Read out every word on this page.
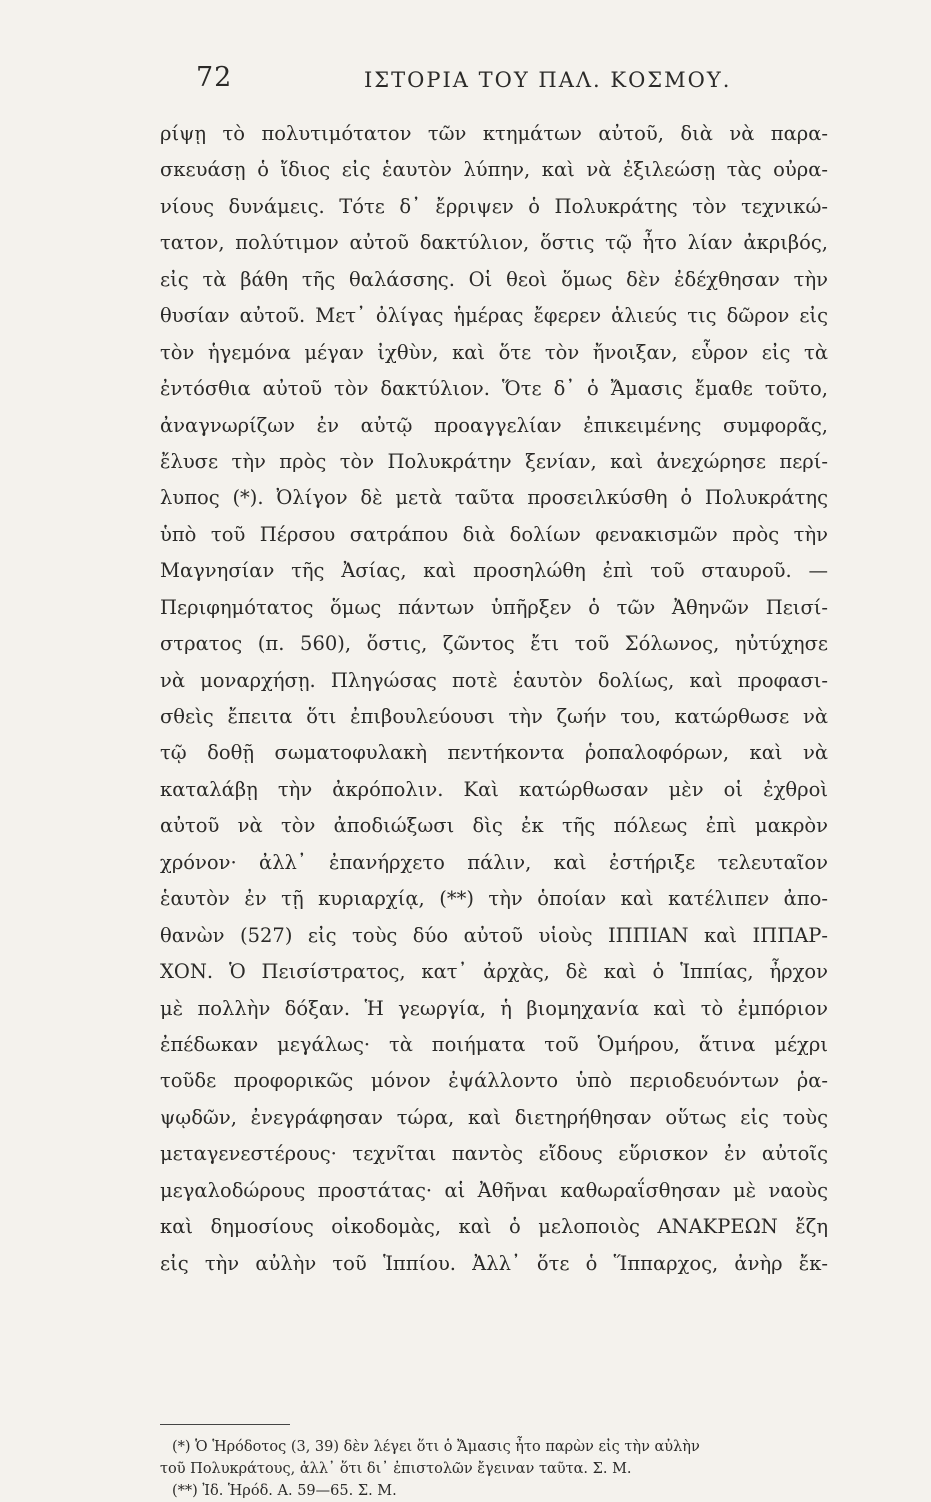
72	ΙΣΤΟΡΙΑ ΤΟΥ ΠΑΛ. ΚΟΣΜΟΥ.
ρίψῃ τὸ πολυτιμότατον τῶν κτημάτων αὐτοῦ, διὰ νὰ παρα-
σκευάσῃ ὁ ἴδιος εἰς ἑαυτὸν λύπην, καὶ νὰ ἐξιλεώσῃ τὰς οὐρα-
νίους δυνάμεις. Τότε δ᾽ ἔρριψεν ὁ Πολυκράτης τὸν τεχνικώ-
τατον, πολύτιμον αὐτοῦ δακτύλιον, ὅστις τῷ ἦτο λίαν ἀκριβός,
εἰς τὰ βάθη τῆς θαλάσσης. Οἱ θεοὶ ὅμως δὲν ἐδέχθησαν τὴν
θυσίαν αὐτοῦ. Μετ᾽ ὀλίγας ἡμέρας ἔφερεν ἁλιεύς τις δῶρον εἰς
τὸν ἡγεμόνα μέγαν ἰχθὺν, καὶ ὅτε τὸν ἤνοιξαν, εὗρον εἰς τὰ
ἐντόσθια αὐτοῦ τὸν δακτύλιον. Ὅτε δ᾽ ὁ Ἄμασις ἔμαθε τοῦτο,
ἀναγνωρίζων ἐν αὐτῷ προαγγελίαν ἐπικειμένης συμφορᾶς,
ἔλυσε τὴν πρὸς τὸν Πολυκράτην ξενίαν, καὶ ἀνεχώρησε περί-
λυπος (*). Ὀλίγον δὲ μετὰ ταῦτα προσειλκύσθη ὁ Πολυκράτης
ὑπὸ τοῦ Πέρσου σατράπου διὰ δολίων φενακισμῶν πρὸς τὴν
Μαγνησίαν τῆς Ἀσίας, καὶ προσηλώθη ἐπὶ τοῦ σταυροῦ. —
Περιφημότατος ὅμως πάντων ὑπῆρξεν ὁ τῶν Ἀθηνῶν Πεισί-
στρατος (π. 560), ὅστις, ζῶντος ἔτι τοῦ Σόλωνος, ηὐτύχησε
νὰ μοναρχήσῃ. Πληγώσας ποτὲ ἑαυτὸν δολίως, καὶ προφασι-
σθεὶς ἔπειτα ὅτι ἐπιβουλεύουσι τὴν ζωήν του, κατώρθωσε νὰ
τῷ δοθῇ σωματοφυλακὴ πεντήκοντα ῥοπαλοφόρων, καὶ νὰ
καταλάβῃ τὴν ἀκρόπολιν. Καὶ κατώρθωσαν μὲν οἱ ἐχθροὶ
αὐτοῦ νὰ τὸν ἀποδιώξωσι δὶς ἐκ τῆς πόλεως ἐπὶ μακρὸν
χρόνον· ἀλλ᾽ ἐπανήρχετο πάλιν, καὶ ἐστήριξε τελευταῖον
ἑαυτὸν ἐν τῇ κυριαρχίᾳ, (**) τὴν ὁποίαν καὶ κατέλιπεν ἀπο-
θανὼν (527) εἰς τοὺς δύο αὐτοῦ υἱοὺς ΙΠΠΙΑΝ καὶ ΙΠΠΑΡ-
ΧΟΝ. Ὁ Πεισίστρατος, κατ᾽ ἀρχὰς, δὲ καὶ ὁ Ἱππίας, ἦρχον
μὲ πολλὴν δόξαν. Ἡ γεωργία, ἡ βιομηχανία καὶ τὸ ἐμπόριον
ἐπέδωκαν μεγάλως· τὰ ποιήματα τοῦ Ὁμήρου, ἅτινα μέχρι
τοῦδε προφορικῶς μόνον ἐψάλλοντο ὑπὸ περιοδευόντων ῥα-
ψῳδῶν, ἐνεγράφησαν τώρα, καὶ διετηρήθησαν οὕτως εἰς τοὺς
μεταγενεστέρους· τεχνῖται παντὸς εἴδους εὕρισκον ἐν αὐτοῖς
μεγαλοδώρους προστάτας· αἱ Ἀθῆναι καθωραΐσθησαν μὲ ναοὺς
καὶ δημοσίους οἰκοδομὰς, καὶ ὁ μελοποιὸς ΑΝΑΚΡΕΩΝ ἔζη
εἰς τὴν αὐλὴν τοῦ Ἱππίου. Ἀλλ᾽ ὅτε ὁ Ἵππαρχος, ἀνὴρ ἔκ-
(*) Ὁ Ἡρόδοτος (3, 39) δὲν λέγει ὅτι ὁ Ἄμασις ἦτο παρὼν εἰς τὴν αὐλὴν
τοῦ Πολυκράτους, ἀλλ᾽ ὅτι δι᾽ ἐπιστολῶν ἔγειναν ταῦτα. Σ. Μ.
(**) Ἰδ. Ἡρόδ. Α. 59—65. Σ. Μ.
